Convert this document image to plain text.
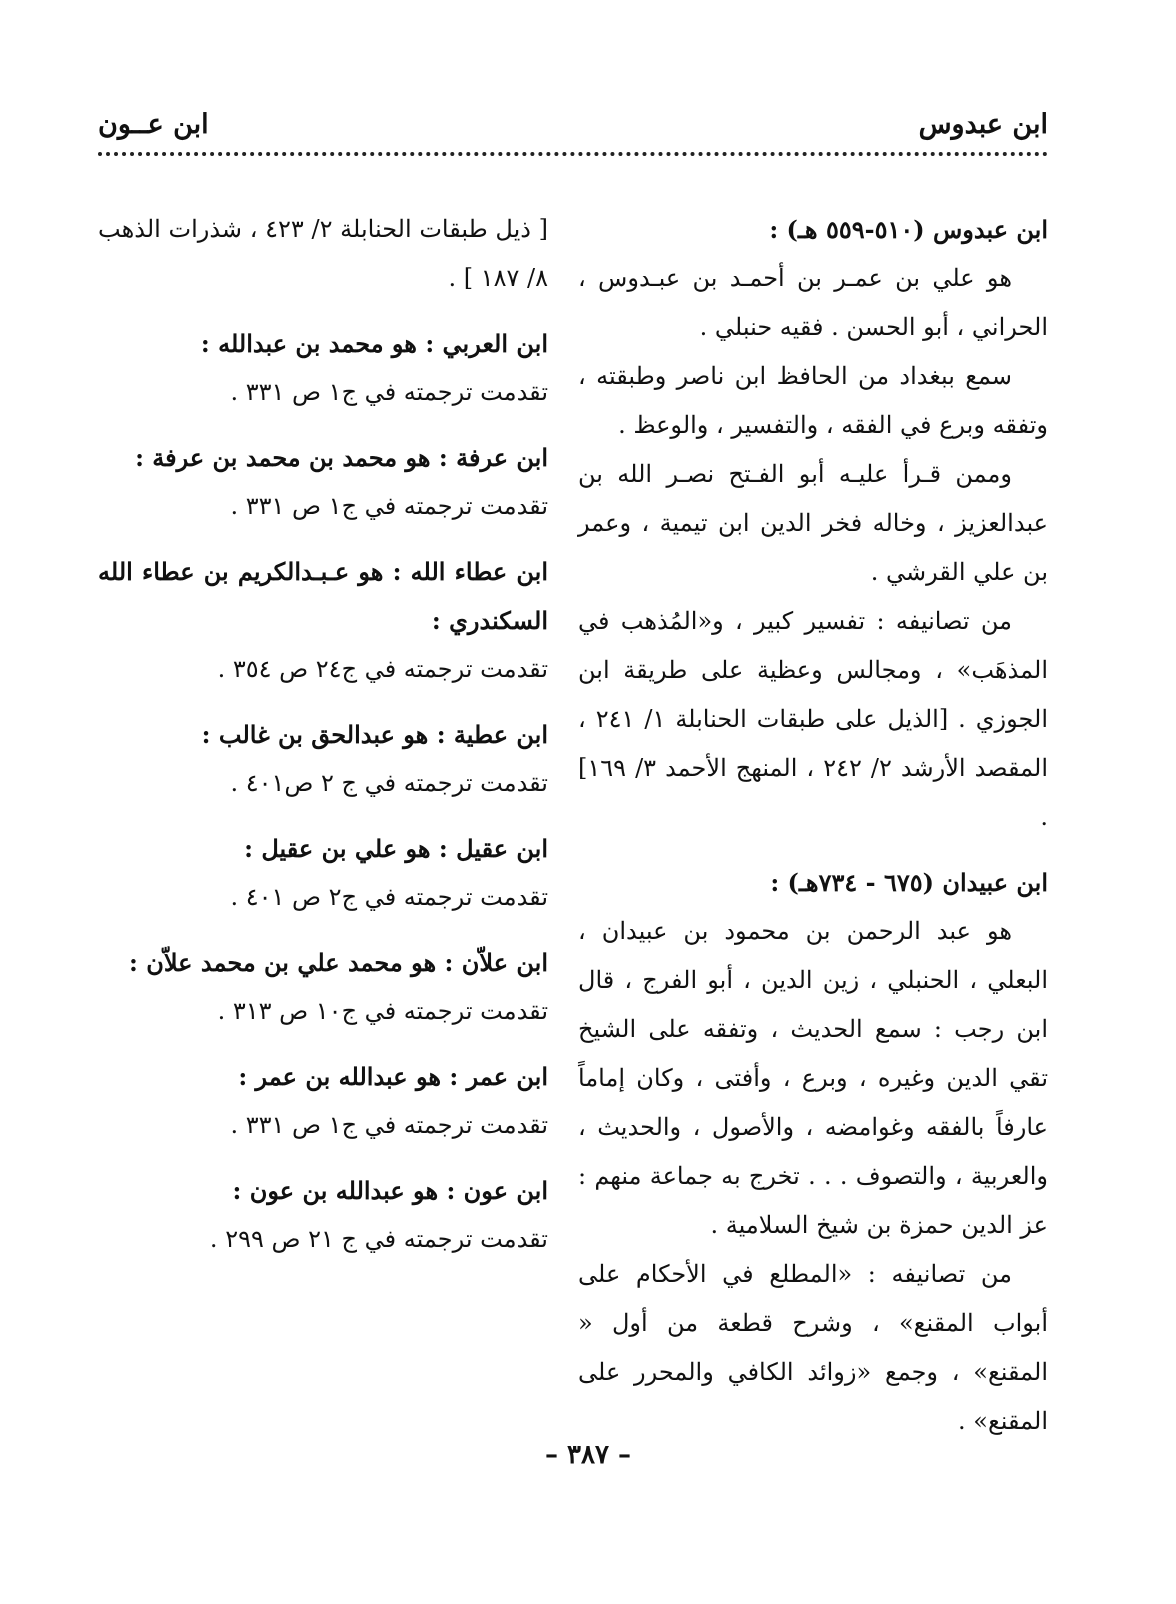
ابن عبدوس
ابن عــون

ابن عبدوس (٥١٠-٥٥٩ هـ) :

هو علي بن عمـر بن أحمـد بن عبـدوس ، الحراني ، أبو الحسن . فقيه حنبلي .

سمع ببغداد من الحافظ ابن ناصر وطبقته ، وتفقه وبرع في الفقه ، والتفسير ، والوعظ .

وممن قـرأ عليـه أبو الفـتح نصـر الله بن عبدالعزيز ، وخاله فخر الدين ابن تيمية ، وعمر بن علي القرشي .

من تصانيفه : تفسير كبير ، و«المُذهب في المذهَب» ، ومجالس وعظية على طريقة ابن الجوزي . [الذيل على طبقات الحنابلة ١/ ٢٤١ ، المقصد الأرشد ٢/ ٢٤٢ ، المنهج الأحمد ٣/ ١٦٩] .

ابن عبيدان (٦٧٥ - ٧٣٤هـ) :

هو عبد الرحمن بن محمود بن عبيدان ، البعلي ، الحنبلي ، زين الدين ، أبو الفرج ، قال ابن رجب : سمع الحديث ، وتفقه على الشيخ تقي الدين وغيره ، وبرع ، وأفتى ، وكان إماماً عارفاً بالفقه وغوامضه ، والأصول ، والحديث ، والعربية ، والتصوف . . . تخرج به جماعة منهم : عز الدين حمزة بن شيخ السلامية .

من تصانيفه : «المطلع في الأحكام على أبواب المقنع» ، وشرح قطعة من أول « المقنع» ، وجمع «زوائد الكافي والمحرر على المقنع» .

[ ذيل طبقات الحنابلة ٢/ ٤٢٣ ، شذرات الذهب ٨/ ١٨٧ ] .

ابن العربي : هو محمد بن عبدالله :

تقدمت ترجمته في ج١ ص ٣٣١ .

ابن عرفة : هو محمد بن محمد بن عرفة :

تقدمت ترجمته في ج١ ص ٣٣١ .

ابن عطاء الله : هو عـبـدالكريم بن عطاء الله السكندري :

تقدمت ترجمته في ج٢٤ ص ٣٥٤ .

ابن عطية : هو عبدالحق بن غالب :

تقدمت ترجمته في ج ٢ ص٤٠١ .

ابن عقيل : هو علي بن عقيل :

تقدمت ترجمته في ج٢ ص ٤٠١ .

ابن علاّن : هو محمد علي بن محمد علاّن :

تقدمت ترجمته في ج١٠ ص ٣١٣ .

ابن عمر : هو عبدالله بن عمر :

تقدمت ترجمته في ج١ ص ٣٣١ .

ابن عون : هو عبدالله بن عون :

تقدمت ترجمته في ج ٢١ ص ٢٩٩ .

– ٣٨٧ –
